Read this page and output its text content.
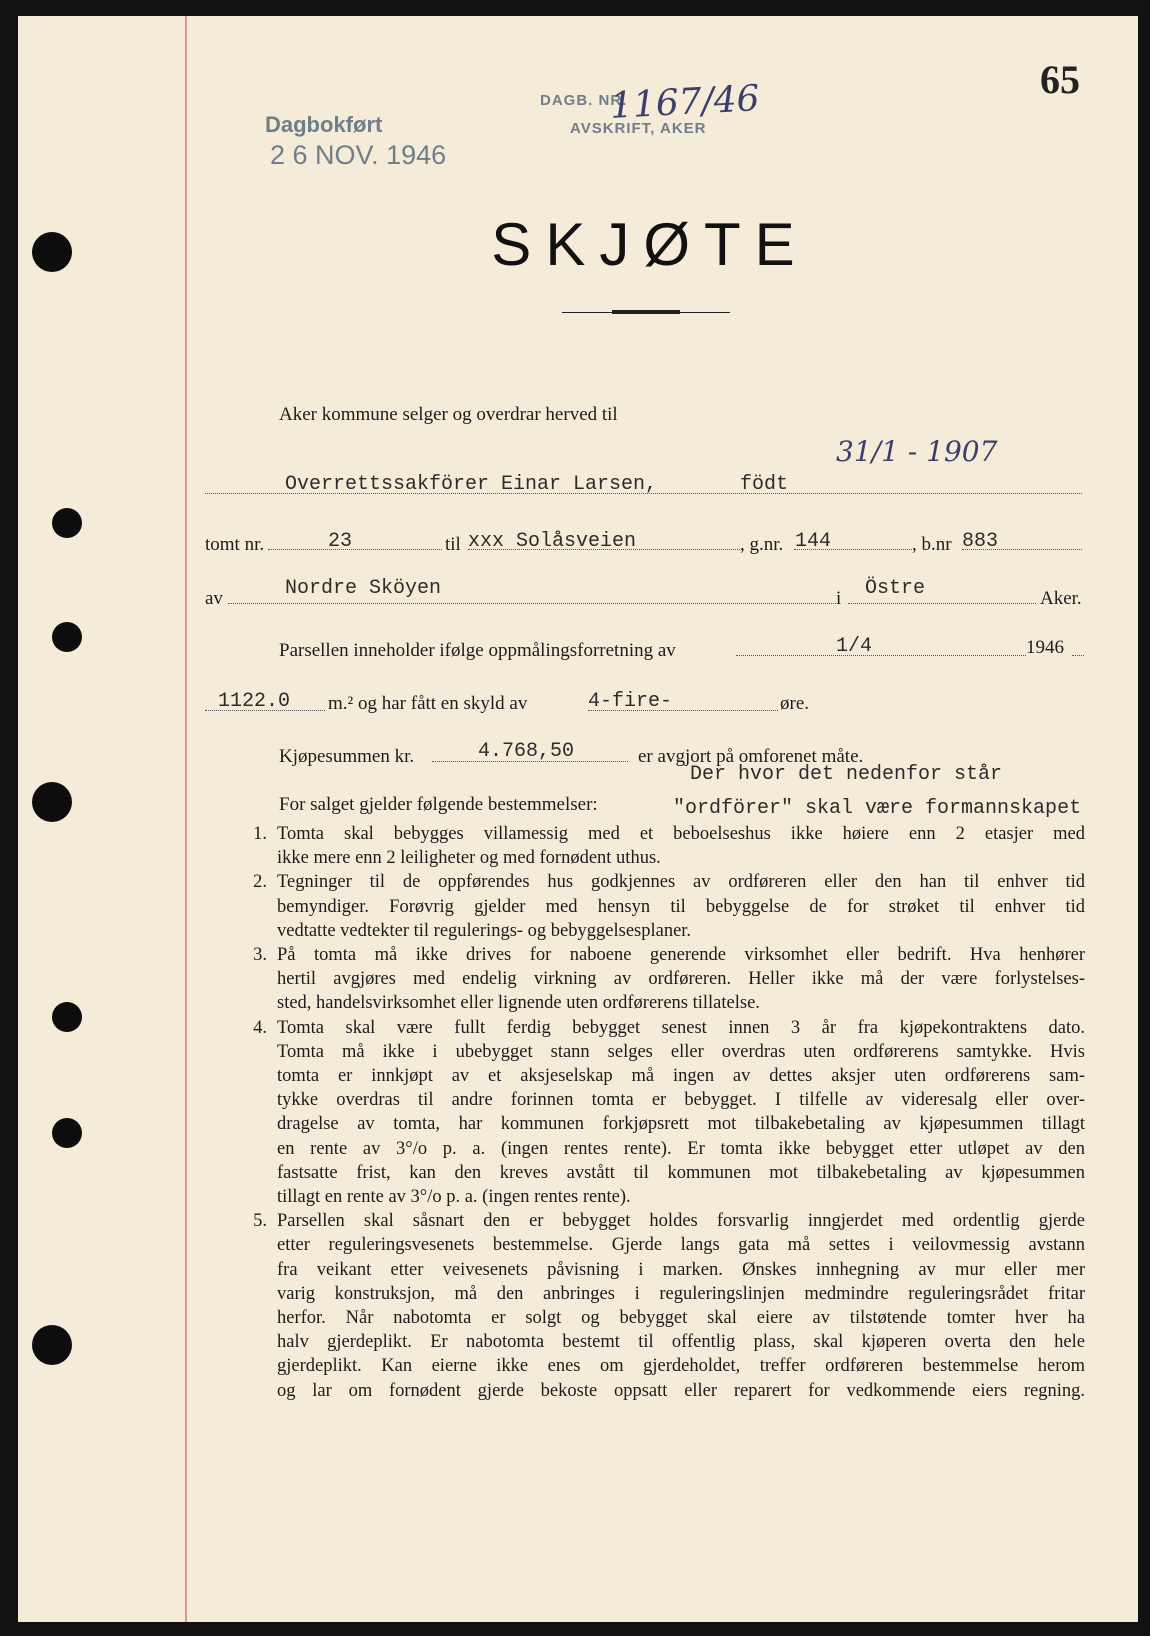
65
Dagbokført
2 6 NOV. 1946
DAGB. NR.
AVSKRIFT, AKER
1167/46
SKJØTE
Aker kommune selger og overdrar herved til
Overrettssakförer Einar Larsen,	födt
31/1 - 1907
tomt nr.	23	til xxx Solåsveien	, g.nr. 144	, b.nr 883
av	Nordre Sköyen	i Östre	Aker.
Parsellen inneholder ifølge oppmålingsforretning av	1/4	1946
1122.0 m.² og har fått en skyld av	4-fire-	øre.
Kjøpesummen kr.	4.768,50	er avgjort på omforenet måte.
Der hvor det nedenfor står
For salget gjelder følgende bestemmelser:	"ordförer" skal være formannskapet
1. Tomta skal bebygges villamessig med et beboelseshus ikke høiere enn 2 etasjer med
ikke mere enn 2 leiligheter og med fornødent uthus.
2. Tegninger til de oppførendes hus godkjennes av ordføreren eller den han til enhver tid
bemyndiger. Forøvrig gjelder med hensyn til bebyggelse de for strøket til enhver tid
vedtatte vedtekter til regulerings- og bebyggelsesplaner.
3. På tomta må ikke drives for naboene generende virksomhet eller bedrift. Hva henhører
hertil avgjøres med endelig virkning av ordføreren. Heller ikke må der være forlystelses-
sted, handelsvirksomhet eller lignende uten ordførerens tillatelse.
4. Tomta skal være fullt ferdig bebygget senest innen 3 år fra kjøpekontraktens dato.
Tomta må ikke i ubebygget stann selges eller overdras uten ordførerens samtykke. Hvis
tomta er innkjøpt av et aksjeselskap må ingen av dettes aksjer uten ordførerens sam-
tykke overdras til andre forinnen tomta er bebygget. I tilfelle av videresalg eller over-
dragelse av tomta, har kommunen forkjøpsrett mot tilbakebetaling av kjøpesummen tillagt
en rente av 3°/o p. a. (ingen rentes rente). Er tomta ikke bebygget etter utløpet av den
fastsatte frist, kan den kreves avstått til kommunen mot tilbakebetaling av kjøpesummen
tillagt en rente av 3°/o p. a. (ingen rentes rente).
5. Parsellen skal såsnart den er bebygget holdes forsvarlig inngjerdet med ordentlig gjerde
etter reguleringsvesenets bestemmelse. Gjerde langs gata må settes i veilovmessig avstann
fra veikant etter veivesenets påvisning i marken. Ønskes innhegning av mur eller mer
varig konstruksjon, må den anbringes i reguleringslinjen medmindre reguleringsrådet fritar
herfor. Når nabotomta er solgt og bebygget skal eiere av tilstøtende tomter hver ha
halv gjerdeplikt. Er nabotomta bestemt til offentlig plass, skal kjøperen overta den hele
gjerdeplikt. Kan eierne ikke enes om gjerdeholdet, treffer ordføreren bestemmelse herom
og lar om fornødent gjerde bekoste oppsatt eller reparert for vedkommende eiers regning.
